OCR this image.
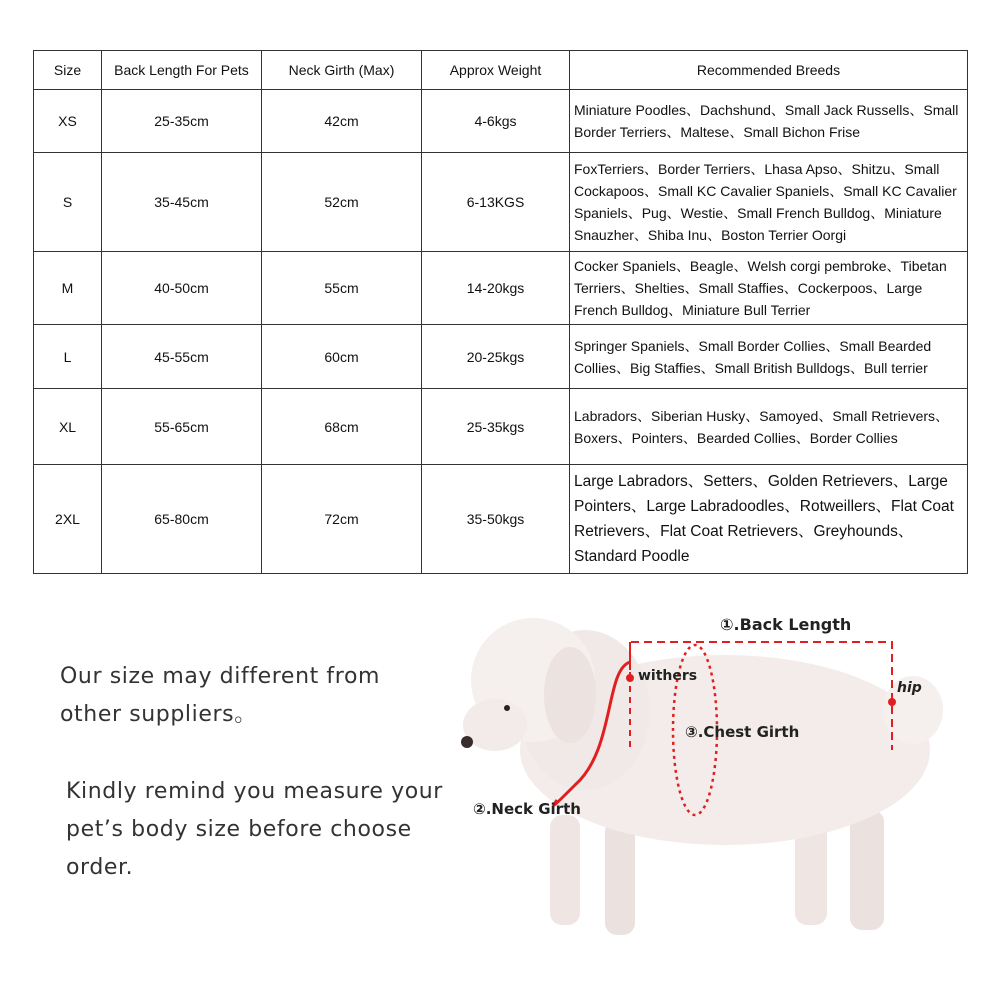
Size	Back Length For Pets	Neck Girth (Max)	Approx Weight	Recommended Breeds
XS	25-35cm	42cm	4-6kgs	Miniature Poodles、Dachshund、Small Jack Russells、Small Border Terriers、Maltese、Small Bichon Frise
S	35-45cm	52cm	6-13KGS	FoxTerriers、Border Terriers、Lhasa Apso、Shitzu、Small Cockapoos、Small KC Cavalier Spaniels、Small KC Cavalier Spaniels、Pug、Westie、Small French Bulldog、Miniature Snauzher、Shiba Inu、Boston Terrier Oorgi

M	40-50cm	55cm	14-20kgs	Cocker Spaniels、Beagle、Welsh corgi pembroke、Tibetan Terriers、Shelties、Small Staffies、Cockerpoos、Large French Bulldog、Miniature Bull Terrier
L	45-55cm	60cm	20-25kgs	Springer Spaniels、Small Border Collies、Small Bearded Collies、Big Staffies、Small British Bulldogs、Bull terrier
XL	55-65cm	68cm	25-35kgs	Labradors、Siberian Husky、Samoyed、Small Retrievers、Boxers、Pointers、Bearded Collies、Border Collies
2XL	65-80cm	72cm	35-50kgs	Large Labradors、Setters、Golden Retrievers、Large Pointers、Large Labradoodles、Rotweillers、Flat Coat Retrievers、Flat Coat Retrievers、Greyhounds、Standard Poodle
Our size may different from other suppliers。
Kindly remind you measure your pet’s body size before choose order.
①.Back Length
withers
hip
③.Chest Girth
②.Neck Girth
